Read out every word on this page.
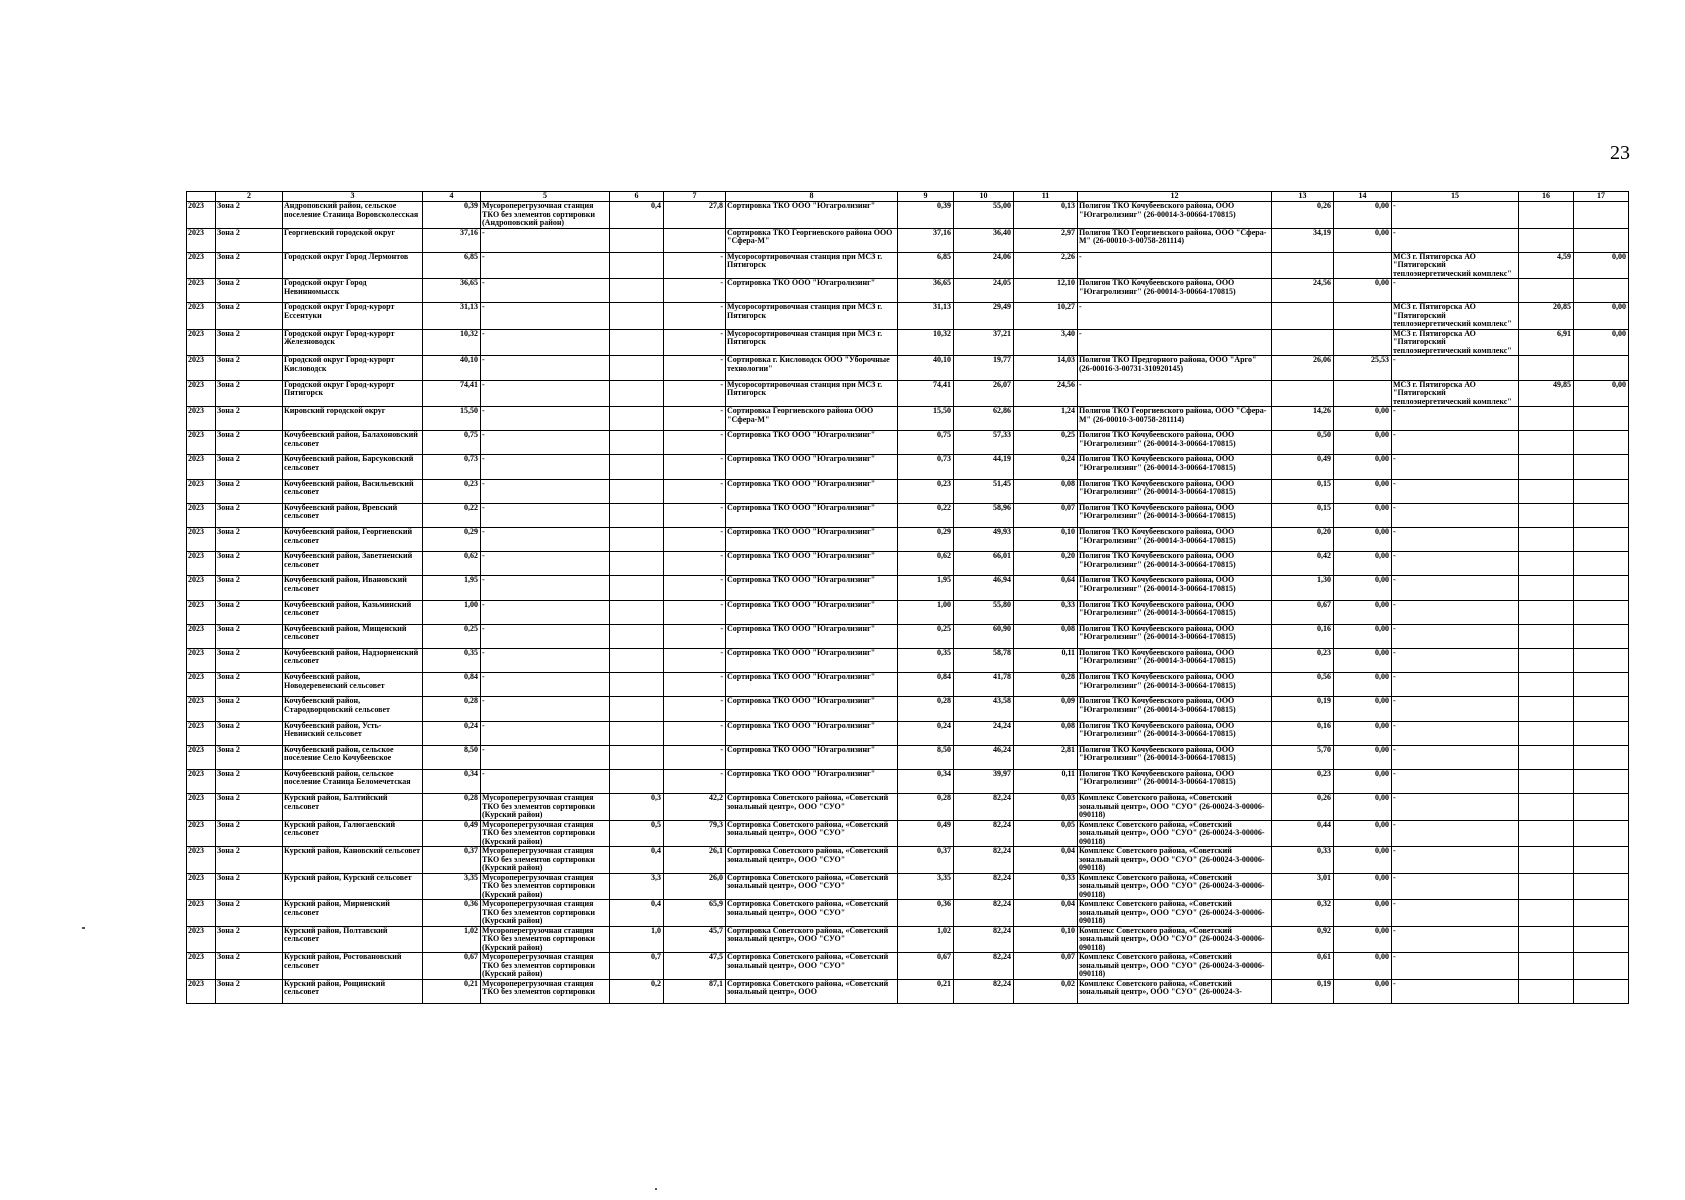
23
	2	3	4	5	6	7	8	9	10	11	12	13	14	15	16	17
2023	Зона 2	Андроповский район, сельское поселение Станица Воровсколесская	0,39	Мусороперегрузочная станция ТКО без элементов сортировки (Андроповский район)	0,4	27,8	Сортировка ТКО ООО "Югагролизинг"	0,39	55,00	0,13	Полигон ТКО Кочубеевского района, ООО "Югагролизинг" (26-00014-3-00664-170815)	0,26	0,00	-		
2023	Зона 2	Георгиевский городской округ	37,16	-			Сортировка ТКО Георгиевского района ООО "Сфера-М"	37,16	36,40	2,97	Полигон ТКО Георгиевского района, ООО "Сфера-М" (26-00010-3-00758-281114)	34,19	0,00	-		
2023	Зона 2	Городской округ Город Лермонтов	6,85	-		-	Мусоросортировочная станция при МСЗ г. Пятигорск	6,85	24,06	2,26	-			МСЗ г. Пятигорска АО "Пятигорский теплоэнергетический комплекс"	4,59	0,00
2023	Зона 2	Городской округ Город Невинномысск	36,65	-		-	Сортировка ТКО ООО "Югагролизинг"	36,65	24,05	12,10	Полигон ТКО Кочубеевского района, ООО "Югагролизинг" (26-00014-3-00664-170815)	24,56	0,00	-		
2023	Зона 2	Городской округ Город-курорт Ессентуки	31,13	-		-	Мусоросортировочная станция при МСЗ г. Пятигорск	31,13	29,49	10,27	-			МСЗ г. Пятигорска АО "Пятигорский теплоэнергетический комплекс"	20,85	0,00
2023	Зона 2	Городской округ Город-курорт Железноводск	10,32	-		-	Мусоросортировочная станция при МСЗ г. Пятигорск	10,32	37,21	3,40	-			МСЗ г. Пятигорска АО "Пятигорский теплоэнергетический комплекс"	6,91	0,00
2023	Зона 2	Городской округ Город-курорт Кисловодск	40,10	-		-	Сортировка г. Кисловодск ООО "Уборочные технологии"	40,10	19,77	14,03	Полигон ТКО Предгорного района, ООО "Арго" (26-00016-3-00731-310920145)	26,06	25,53	-		
2023	Зона 2	Городской округ Город-курорт Пятигорск	74,41	-		-	Мусоросортировочная станция при МСЗ г. Пятигорск	74,41	26,07	24,56	-			МСЗ г. Пятигорска АО "Пятигорский теплоэнергетический комплекс"	49,85	0,00
2023	Зона 2	Кировский городской округ	15,50	-		-	Сортировка Георгиевского района ООО "Сфера-М"	15,50	62,86	1,24	Полигон ТКО Георгиевского района, ООО "Сфера-М" (26-00010-3-00758-281114)	14,26	0,00	-		
2023	Зона 2	Кочубеевский район, Балахоновский сельсовет	0,75	-		-	Сортировка ТКО ООО "Югагролизинг"	0,75	57,33	0,25	Полигон ТКО Кочубеевского района, ООО "Югагролизинг" (26-00014-3-00664-170815)	0,50	0,00	-		
2023	Зона 2	Кочубеевский район, Барсуковский сельсовет	0,73	-		-	Сортировка ТКО ООО "Югагролизинг"	0,73	44,19	0,24	Полигон ТКО Кочубеевского района, ООО "Югагролизинг" (26-00014-3-00664-170815)	0,49	0,00	-		
2023	Зона 2	Кочубеевский район, Васильевский сельсовет	0,23	-		-	Сортировка ТКО ООО "Югагролизинг"	0,23	51,45	0,08	Полигон ТКО Кочубеевского района, ООО "Югагролизинг" (26-00014-3-00664-170815)	0,15	0,00	-		
2023	Зона 2	Кочубеевский район, Вревский сельсовет	0,22	-		-	Сортировка ТКО ООО "Югагролизинг"	0,22	58,96	0,07	Полигон ТКО Кочубеевского района, ООО "Югагролизинг" (26-00014-3-00664-170815)	0,15	0,00	-		
2023	Зона 2	Кочубеевский район, Георгиевский сельсовет	0,29	-		-	Сортировка ТКО ООО "Югагролизинг"	0,29	49,93	0,10	Полигон ТКО Кочубеевского района, ООО "Югагролизинг" (26-00014-3-00664-170815)	0,20	0,00	-		
2023	Зона 2	Кочубеевский район, Заветненский сельсовет	0,62	-		-	Сортировка ТКО ООО "Югагролизинг"	0,62	66,01	0,20	Полигон ТКО Кочубеевского района, ООО "Югагролизинг" (26-00014-3-00664-170815)	0,42	0,00	-		
2023	Зона 2	Кочубеевский район, Ивановский сельсовет	1,95	-		-	Сортировка ТКО ООО "Югагролизинг"	1,95	46,94	0,64	Полигон ТКО Кочубеевского района, ООО "Югагролизинг" (26-00014-3-00664-170815)	1,30	0,00	-		
2023	Зона 2	Кочубеевский район, Казьминский сельсовет	1,00	-		-	Сортировка ТКО ООО "Югагролизинг"	1,00	55,80	0,33	Полигон ТКО Кочубеевского района, ООО "Югагролизинг" (26-00014-3-00664-170815)	0,67	0,00	-		
2023	Зона 2	Кочубеевский район, Мищенский сельсовет	0,25	-		-	Сортировка ТКО ООО "Югагролизинг"	0,25	60,90	0,08	Полигон ТКО Кочубеевского района, ООО "Югагролизинг" (26-00014-3-00664-170815)	0,16	0,00	-		
2023	Зона 2	Кочубеевский район, Надзорненский сельсовет	0,35	-		-	Сортировка ТКО ООО "Югагролизинг"	0,35	58,78	0,11	Полигон ТКО Кочубеевского района, ООО "Югагролизинг" (26-00014-3-00664-170815)	0,23	0,00	-		
2023	Зона 2	Кочубеевский район, Новодеревенский сельсовет	0,84	-		-	Сортировка ТКО ООО "Югагролизинг"	0,84	41,78	0,28	Полигон ТКО Кочубеевского района, ООО "Югагролизинг" (26-00014-3-00664-170815)	0,56	0,00	-		
2023	Зона 2	Кочубеевский район, Стародворцовский сельсовет	0,28	-		-	Сортировка ТКО ООО "Югагролизинг"	0,28	43,58	0,09	Полигон ТКО Кочубеевского района, ООО "Югагролизинг" (26-00014-3-00664-170815)	0,19	0,00	-		
2023	Зона 2	Кочубеевский район, Усть-Невинский сельсовет	0,24	-		-	Сортировка ТКО ООО "Югагролизинг"	0,24	24,24	0,08	Полигон ТКО Кочубеевского района, ООО "Югагролизинг" (26-00014-3-00664-170815)	0,16	0,00	-		
2023	Зона 2	Кочубеевский район, сельское поселение Село Кочубеевское	8,50	-		-	Сортировка ТКО ООО "Югагролизинг"	8,50	46,24	2,81	Полигон ТКО Кочубеевского района, ООО "Югагролизинг" (26-00014-3-00664-170815)	5,70	0,00	-		
2023	Зона 2	Кочубеевский район, сельское поселение Станица Беломечетская	0,34	-		-	Сортировка ТКО ООО "Югагролизинг"	0,34	39,97	0,11	Полигон ТКО Кочубеевского района, ООО "Югагролизинг" (26-00014-3-00664-170815)	0,23	0,00	-		
2023	Зона 2	Курский район, Балтийский сельсовет	0,28	Мусороперегрузочная станция ТКО без элементов сортировки (Курский район)	0,3	42,2	Сортировка Советского района, «Советский зональный центр», ООО "СУО"	0,28	82,24	0,03	Комплекс Советского района, «Советский зональный центр», ООО "СУО" (26-00024-3-00006-090118)	0,26	0,00	-		
2023	Зона 2	Курский район, Галюгаевский сельсовет	0,49	Мусороперегрузочная станция ТКО без элементов сортировки (Курский район)	0,5	79,3	Сортировка Советского района, «Советский зональный центр», ООО "СУО"	0,49	82,24	0,05	Комплекс Советского района, «Советский зональный центр», ООО "СУО" (26-00024-3-00006-090118)	0,44	0,00	-		
2023	Зона 2	Курский район, Кановский сельсовет	0,37	Мусороперегрузочная станция ТКО без элементов сортировки (Курский район)	0,4	26,1	Сортировка Советского района, «Советский зональный центр», ООО "СУО"	0,37	82,24	0,04	Комплекс Советского района, «Советский зональный центр», ООО "СУО" (26-00024-3-00006-090118)	0,33	0,00	-		
2023	Зона 2	Курский район, Курский сельсовет	3,35	Мусороперегрузочная станция ТКО без элементов сортировки (Курский район)	3,3	26,0	Сортировка Советского района, «Советский зональный центр», ООО "СУО"	3,35	82,24	0,33	Комплекс Советского района, «Советский зональный центр», ООО "СУО" (26-00024-3-00006-090118)	3,01	0,00	-		
2023	Зона 2	Курский район, Мирненский сельсовет	0,36	Мусороперегрузочная станция ТКО без элементов сортировки (Курский район)	0,4	65,9	Сортировка Советского района, «Советский зональный центр», ООО "СУО"	0,36	82,24	0,04	Комплекс Советского района, «Советский зональный центр», ООО "СУО" (26-00024-3-00006-090118)	0,32	0,00	-		
2023	Зона 2	Курский район, Полтавский сельсовет	1,02	Мусороперегрузочная станция ТКО без элементов сортировки (Курский район)	1,0	45,7	Сортировка Советского района, «Советский зональный центр», ООО "СУО"	1,02	82,24	0,10	Комплекс Советского района, «Советский зональный центр», ООО "СУО" (26-00024-3-00006-090118)	0,92	0,00	-		
2023	Зона 2	Курский район, Ростовановский сельсовет	0,67	Мусороперегрузочная станция ТКО без элементов сортировки (Курский район)	0,7	47,5	Сортировка Советского района, «Советский зональный центр», ООО "СУО"	0,67	82,24	0,07	Комплекс Советского района, «Советский зональный центр», ООО "СУО" (26-00024-3-00006-090118)	0,61	0,00	-		
2023	Зона 2	Курский район, Рощинский сельсовет	0,21	Мусороперегрузочная станция ТКО без элементов сортировки	0,2	87,1	Сортировка Советского района, «Советский зональный центр», ООО	0,21	82,24	0,02	Комплекс Советского района, «Советский зональный центр», ООО "СУО" (26-00024-3-	0,19	0,00	-		
